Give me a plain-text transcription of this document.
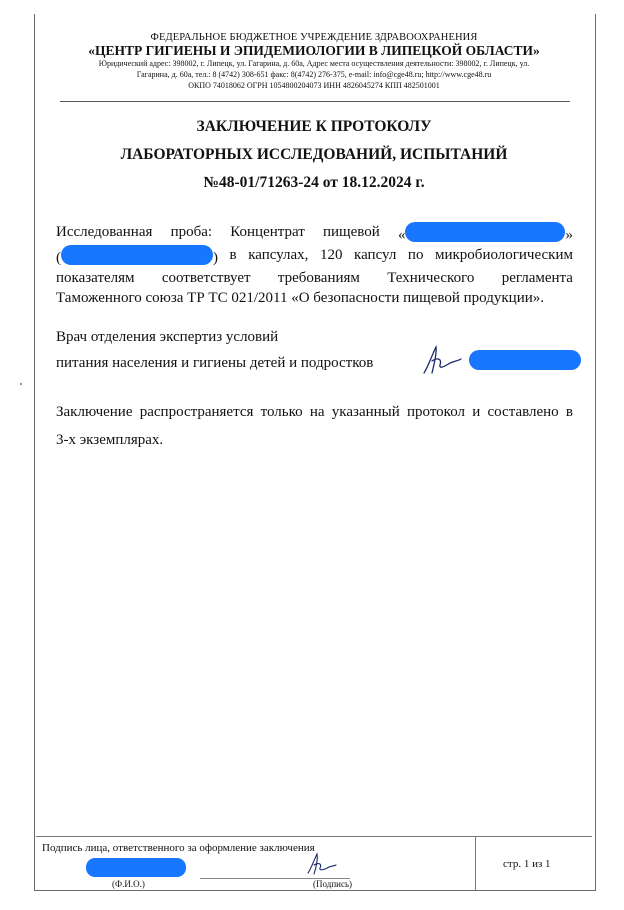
ФЕДЕРАЛЬНОЕ БЮДЖЕТНОЕ УЧРЕЖДЕНИЕ ЗДРАВООХРАНЕНИЯ
«ЦЕНТР ГИГИЕНЫ И ЭПИДЕМИОЛОГИИ В ЛИПЕЦКОЙ ОБЛАСТИ»
Юридический адрес: 398002, г. Липецк, ул. Гагарина, д. 60а, Адрес места осуществления деятельности: 398002, г. Липецк, ул.
Гагарина, д. 60а, тел.: 8 (4742) 308-651 факс: 8(4742) 276-375, e-mail: info@cge48.ru; http://www.cge48.ru
ОКПО 74018062 ОГРН 1054800204073 ИНН 4826045274 КПП 482501001
ЗАКЛЮЧЕНИЕ К ПРОТОКОЛУ
ЛАБОРАТОРНЫХ ИССЛЕДОВАНИЙ, ИСПЫТАНИЙ
№48-01/71263-24 от 18.12.2024 г.
Исследованная проба: Концентрат пищевой «	»
(	) в капсулах, 120 капсул по микробиологическим
показателям соответствует требованиям Технического регламента
Таможенного союза ТР ТС 021/2011 «О безопасности пищевой продукции».
Врач отделения экспертиз условий
питания населения и гигиены детей и подростков
Заключение распространяется только на указанный протокол и составлено в
3-х экземплярах.
Подпись лица, ответственного за оформление заключения
(Ф.И.О.)	(Подпись)
стр. 1 из 1
